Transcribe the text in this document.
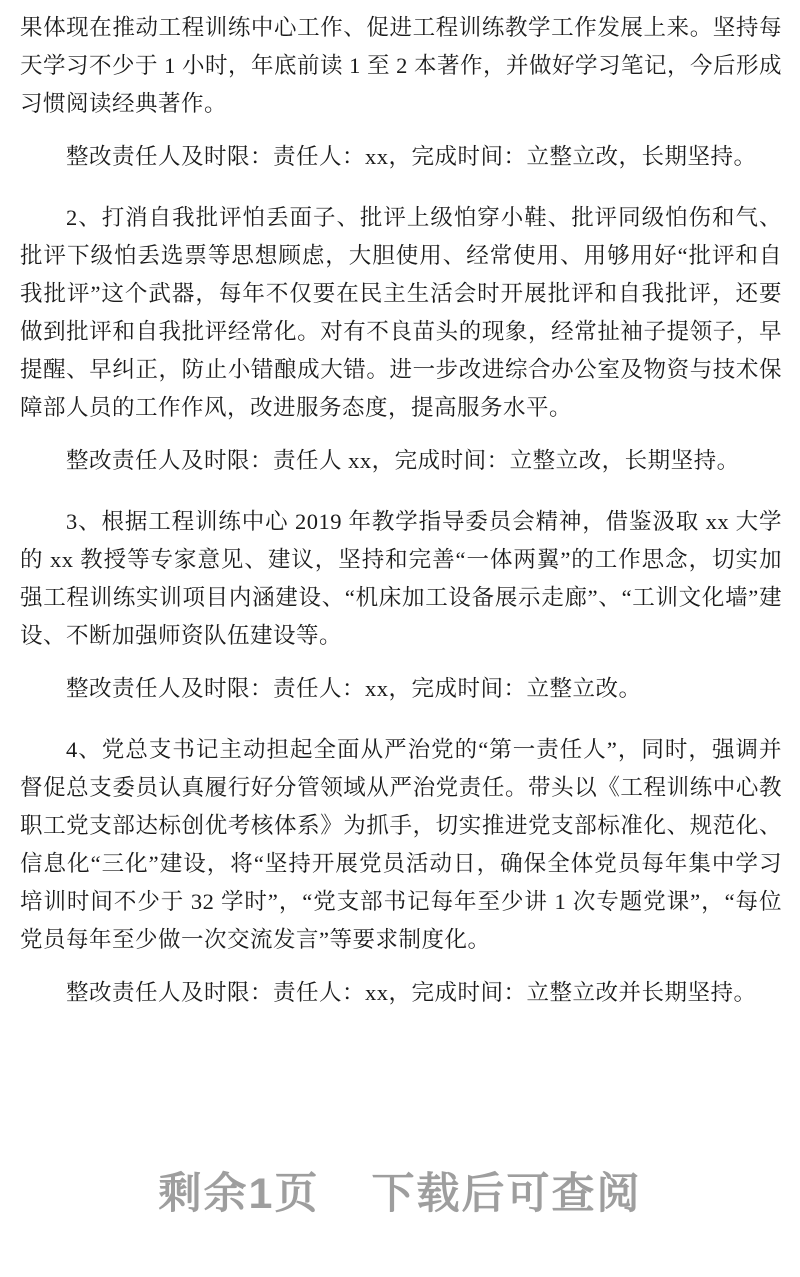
果体现在推动工程训练中心工作、促进工程训练教学工作发展上来。坚持每天学习不少于 1 小时，年底前读 1 至 2 本著作，并做好学习笔记，今后形成习惯阅读经典著作。

整改责任人及时限：责任人：xx，完成时间：立整立改，长期坚持。

2、打消自我批评怕丢面子、批评上级怕穿小鞋、批评同级怕伤和气、批评下级怕丢选票等思想顾虑，大胆使用、经常使用、用够用好“批评和自我批评”这个武器，每年不仅要在民主生活会时开展批评和自我批评，还要做到批评和自我批评经常化。对有不良苗头的现象，经常扯袖子提领子，早提醒、早纠正，防止小错酿成大错。进一步改进综合办公室及物资与技术保障部人员的工作作风，改进服务态度，提高服务水平。

整改责任人及时限：责任人 xx，完成时间：立整立改，长期坚持。

3、根据工程训练中心 2019 年教学指导委员会精神，借鉴汲取 xx 大学的 xx 教授等专家意见、建议，坚持和完善“一体两翼”的工作思念，切实加强工程训练实训项目内涵建设、“机床加工设备展示走廊”、“工训文化墙”建设、不断加强师资队伍建设等。

整改责任人及时限：责任人：xx，完成时间：立整立改。

4、党总支书记主动担起全面从严治党的“第一责任人”，同时，强调并督促总支委员认真履行好分管领域从严治党责任。带头以《工程训练中心教职工党支部达标创优考核体系》为抓手，切实推进党支部标准化、规范化、信息化“三化”建设，将“坚持开展党员活动日，确保全体党员每年集中学习培训时间不少于 32 学时”，“党支部书记每年至少讲 1 次专题党课”，“每位党员每年至少做一次交流发言”等要求制度化。

整改责任人及时限：责任人：xx，完成时间：立整立改并长期坚持。

剩余1页 下载后可查阅
